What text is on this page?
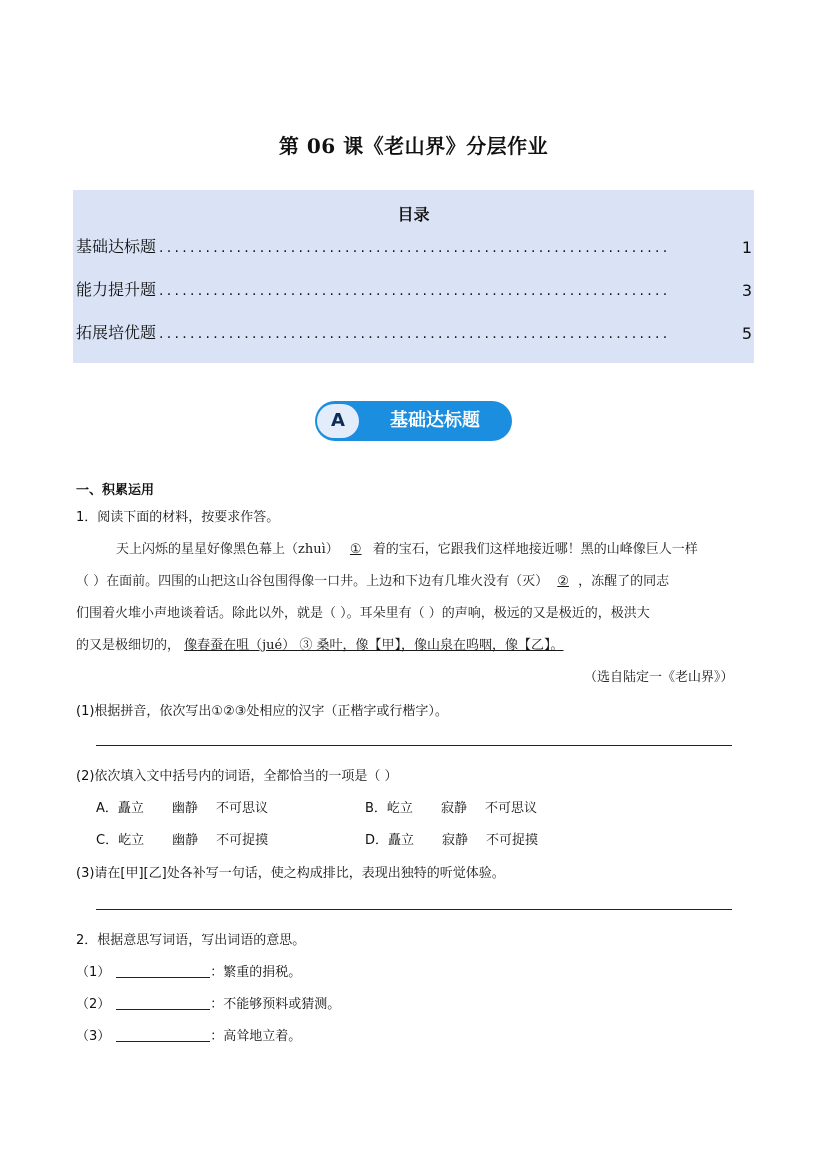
第 06 课《老山界》分层作业
目录
基础达标题 ..................................................................	1
能力提升题 ..................................................................	3
拓展培优题 ..................................................................	5
A	基础达标题
一、积累运用
1．阅读下面的材料，按要求作答。
天上闪烁的星星好像黑色幕上（zhuì） ① 着的宝石，它跟我们这样地接近哪！黑的山峰像巨人一样
（ ）在面前。四围的山把这山谷包围得像一口井。上边和下边有几堆火没有（灭） ② ，冻醒了的同志
们围着火堆小声地谈着话。除此以外，就是（ ）。耳朵里有（ ）的声响，极远的又是极近的，极洪大
的又是极细切的， 像春蚕在咀（jué） ③ 桑叶，像【甲】，像山泉在呜咽，像【乙】。
（选自陆定一《老山界》）
(1)根据拼音，依次写出①②③处相应的汉字（正楷字或行楷字）。
(2)依次填入文中括号内的词语，全都恰当的一项是（ ）
A．矗立 幽静 不可思议	B．屹立 寂静 不可思议
C．屹立 幽静 不可捉摸	D．矗立 寂静 不可捉摸
(3)请在[甲][乙]处各补写一句话，使之构成排比，表现出独特的听觉体验。
2．根据意思写词语，写出词语的意思。
（1）	：繁重的捐税。
（2）	：不能够预料或猜测。
（3）	：高耸地立着。
